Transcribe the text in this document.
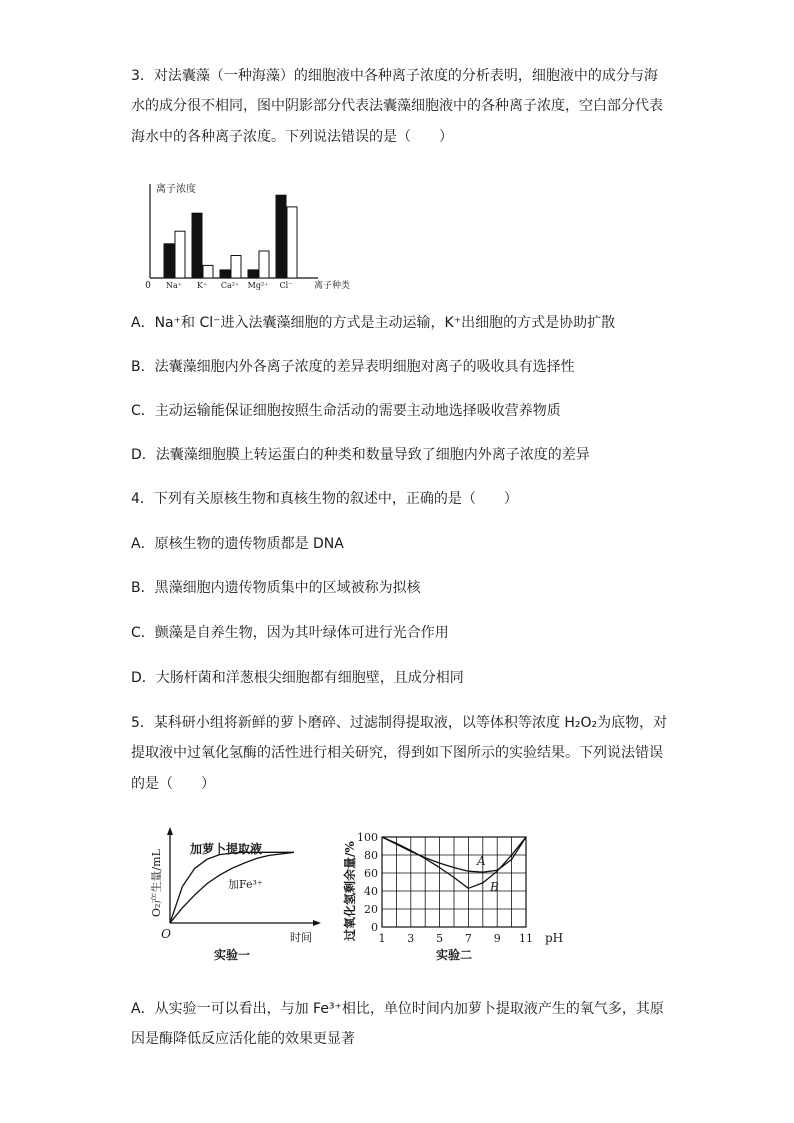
3．对法囊藻（一种海藻）的细胞液中各种离子浓度的分析表明，细胞液中的成分与海
水的成分很不相同，图中阴影部分代表法囊藻细胞液中的各种离子浓度，空白部分代表
海水中的各种离子浓度。下列说法错误的是（　　）
离子浓度
0	离子种类
Na⁺ K⁺ Ca²⁺ Mg²⁺ Cl⁻
A．Na⁺和 Cl⁻进入法囊藻细胞的方式是主动运输，K⁺出细胞的方式是协助扩散
B．法囊藻细胞内外各离子浓度的差异表明细胞对离子的吸收具有选择性
C．主动运输能保证细胞按照生命活动的需要主动地选择吸收营养物质
D．法囊藻细胞膜上转运蛋白的种类和数量导致了细胞内外离子浓度的差异
4．下列有关原核生物和真核生物的叙述中，正确的是（　　）
A．原核生物的遗传物质都是 DNA
B．黑藻细胞内遗传物质集中的区域被称为拟核
C．颤藻是自养生物，因为其叶绿体可进行光合作用
D．大肠杆菌和洋葱根尖细胞都有细胞壁，且成分相同
5．某科研小组将新鲜的萝卜磨碎、过滤制得提取液，以等体积等浓度 H₂O₂为底物，对
提取液中过氧化氢酶的活性进行相关研究，得到如下图所示的实验结果。下列说法错误
的是（　　）
O₂产生量/mL
O	时间
实验一
加萝卜提取液
加Fe³⁺	过氧化氢剩余量/% 0
20
40
60
80
100
1 3 5 7 9 11
A
B
pH
实验二
A．从实验一可以看出，与加 Fe³⁺相比，单位时间内加萝卜提取液产生的氧气多，其原
因是酶降低反应活化能的效果更显著
